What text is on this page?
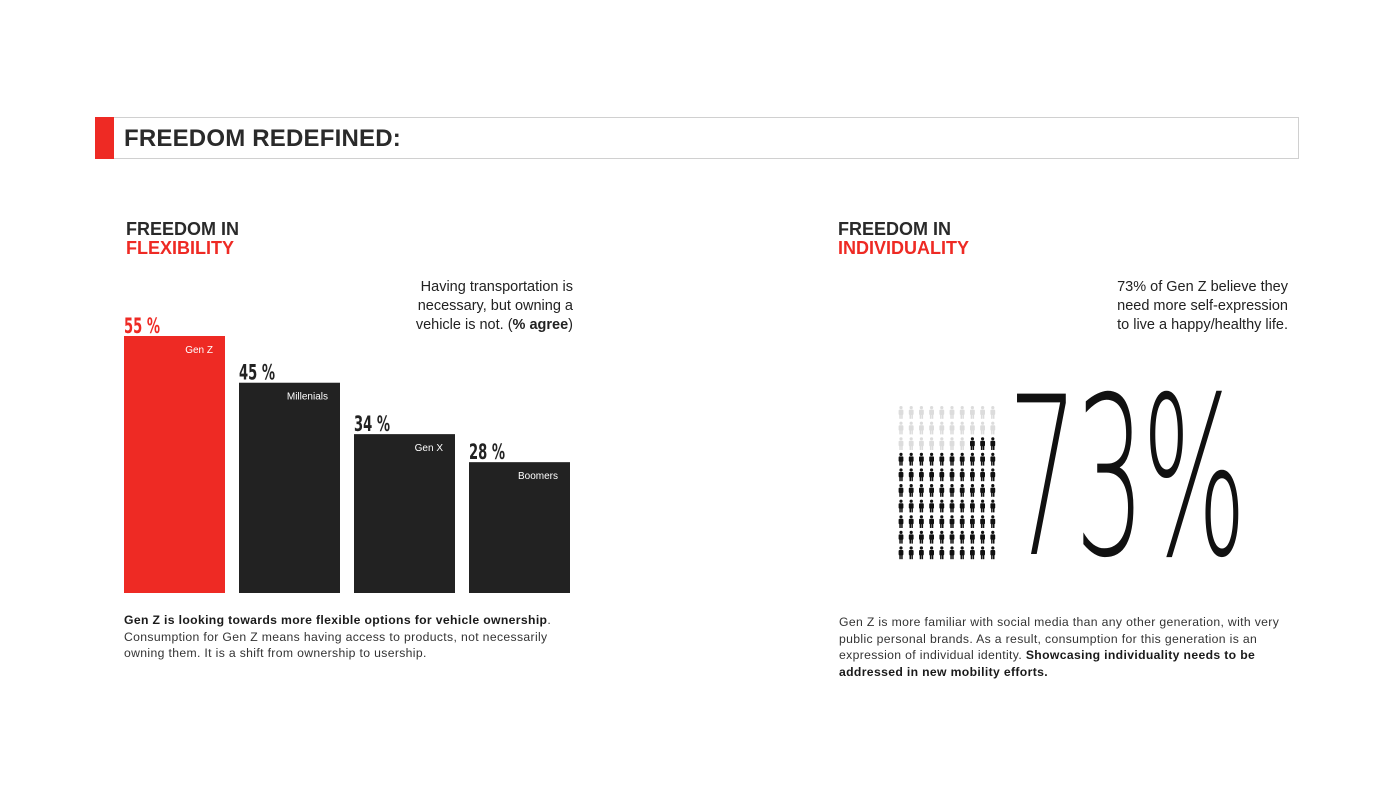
FREEDOM REDEFINED:
FREEDOM IN
FLEXIBILITY
Having transportation is necessary, but owning a vehicle is not. (% agree)
55 %
Gen Z
45 %
Millenials
34 %
Gen X 28 %
Boomers
Gen Z is looking towards more flexible options for vehicle ownership. Consumption for Gen Z means having access to products, not necessarily owning them. It is a shift from ownership to usership.
FREEDOM IN
INDIVIDUALITY
73% of Gen Z believe they need more self-expression to live a happy/healthy life.
73%
Gen Z is more familiar with social media than any other generation, with very public personal brands. As a result, consumption for this generation is an expression of individual identity. Showcasing individuality needs to be addressed in new mobility efforts.
